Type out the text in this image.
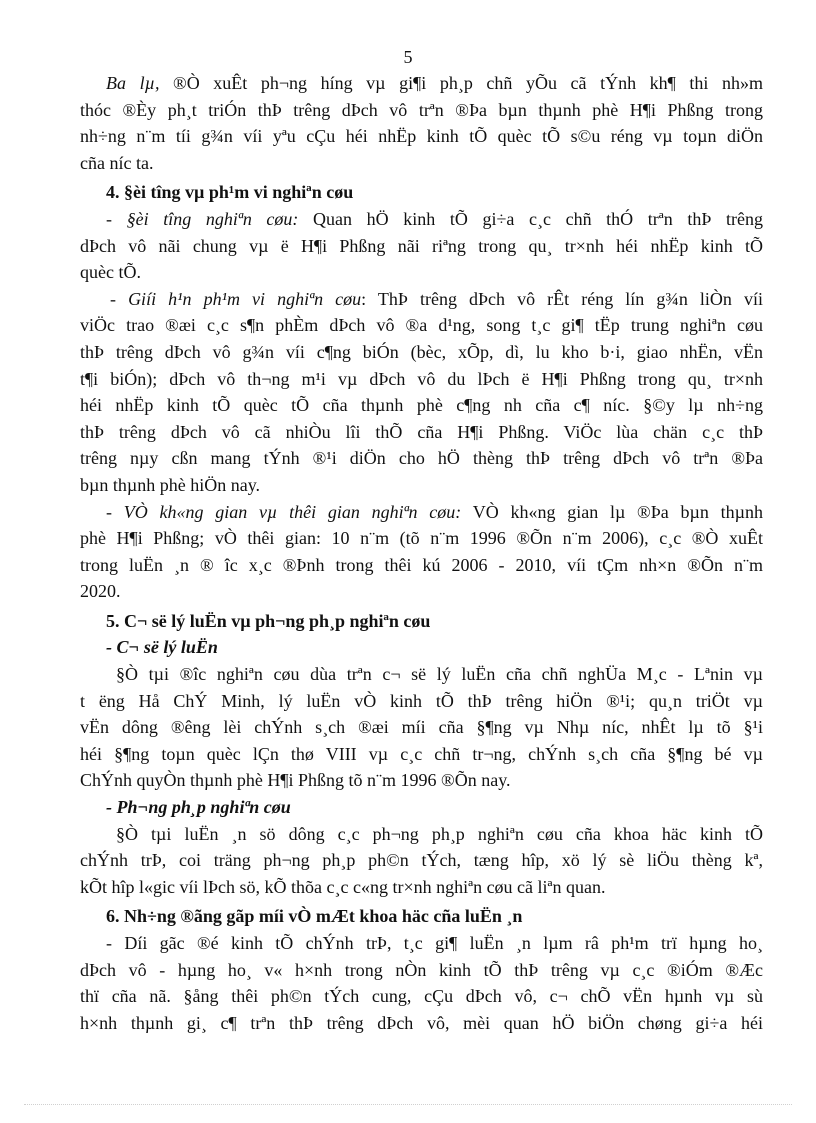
5
Ba lµ, ®Ò xuÊt ph¬ng híng vµ gi¶i ph¸p chñ yÕu cã tÝnh kh¶ thi nh»m
thóc ®Èy ph¸t triÓn thÞ trêng dÞch vô trªn ®Þa bµn thµnh phè H¶i Phßng trong
nh÷ng n¨m tíi g¾n víi yªu cÇu héi nhËp kinh tÕ quèc tÕ s©u réng vµ toµn diÖn
cña níc ta.
4. §èi tîng vµ ph¹m vi nghiªn cøu
- §èi tîng nghiªn cøu: Quan hÖ kinh tÕ gi÷a c¸c chñ thÓ trªn thÞ trêng
dÞch vô nãi chung vµ ë H¶i Phßng nãi riªng trong qu¸ tr×nh héi nhËp kinh tÕ
quèc tÕ.
- Giíi h¹n ph¹m vi nghiªn cøu: ThÞ trêng dÞch vô rÊt réng lín g¾n liÒn víi
viÖc trao ®æi c¸c s¶n phÈm dÞch vô ®a d¹ng, song t¸c gi¶ tËp trung nghiªn cøu
thÞ trêng dÞch vô g¾n víi c¶ng biÓn (bèc, xÕp, dì, lu kho b·i, giao nhËn, vËn
t¶i biÓn); dÞch vô th¬ng m¹i vµ dÞch vô du lÞch ë H¶i Phßng trong qu¸ tr×nh
héi nhËp kinh tÕ quèc tÕ cña thµnh phè c¶ng nh cña c¶ níc. §©y lµ nh÷ng
thÞ trêng dÞch vô cã nhiÒu lîi thÕ cña H¶i Phßng. ViÖc lùa chän c¸c thÞ
trêng nµy cßn mang tÝnh ®¹i diÖn cho hÖ thèng thÞ trêng dÞch vô trªn ®Þa
bµn thµnh phè hiÖn nay.
- VÒ kh«ng gian vµ thêi gian nghiªn cøu: VÒ kh«ng gian lµ ®Þa bµn thµnh
phè H¶i Phßng; vÒ thêi gian: 10 n¨m (tõ n¨m 1996 ®Õn n¨m 2006), c¸c ®Ò xuÊt
trong luËn ¸n ® îc x¸c ®Þnh trong thêi kú 2006 - 2010, víi tÇm nh×n ®Õn n¨m
2020.
5. C¬ së lý luËn vµ ph¬ng ph¸p nghiªn cøu
- C¬ së lý luËn
§Ò tµi ®îc nghiªn cøu dùa trªn c¬ së lý luËn cña chñ nghÜa M¸c - Lªnin vµ
t ëng Hå ChÝ Minh, lý luËn vÒ kinh tÕ thÞ trêng hiÖn ®¹i; qu¸n triÖt vµ
vËn dông ®êng lèi chÝnh s¸ch ®æi míi cña §¶ng vµ Nhµ níc, nhÊt lµ tõ §¹i
héi §¶ng toµn quèc lÇn thø VIII vµ c¸c chñ tr¬ng, chÝnh s¸ch cña §¶ng bé vµ
ChÝnh quyÒn thµnh phè H¶i Phßng tõ n¨m 1996 ®Õn nay.
- Ph¬ng ph¸p nghiªn cøu
§Ò tµi luËn ¸n sö dông c¸c ph¬ng ph¸p nghiªn cøu cña khoa häc kinh tÕ
chÝnh trÞ, coi träng ph¬ng ph¸p ph©n tÝch, tæng hîp, xö lý sè liÖu thèng kª,
kÕt hîp l«gic víi lÞch sö, kÕ thõa c¸c c«ng tr×nh nghiªn cøu cã liªn quan.
6. Nh÷ng ®ãng gãp míi vÒ mÆt khoa häc cña luËn ¸n
- Díi gãc ®é kinh tÕ chÝnh trÞ, t¸c gi¶ luËn ¸n lµm râ ph¹m trï hµng ho¸
dÞch vô - hµng ho¸ v« h×nh trong nÒn kinh tÕ thÞ trêng vµ c¸c ®iÓm ®Æc
thï cña nã. §ång thêi ph©n tÝch cung, cÇu dÞch vô, c¬ chÕ vËn hµnh vµ sù
h×nh thµnh gi¸ c¶ trªn thÞ trêng dÞch vô, mèi quan hÖ biÖn chøng gi÷a héi
